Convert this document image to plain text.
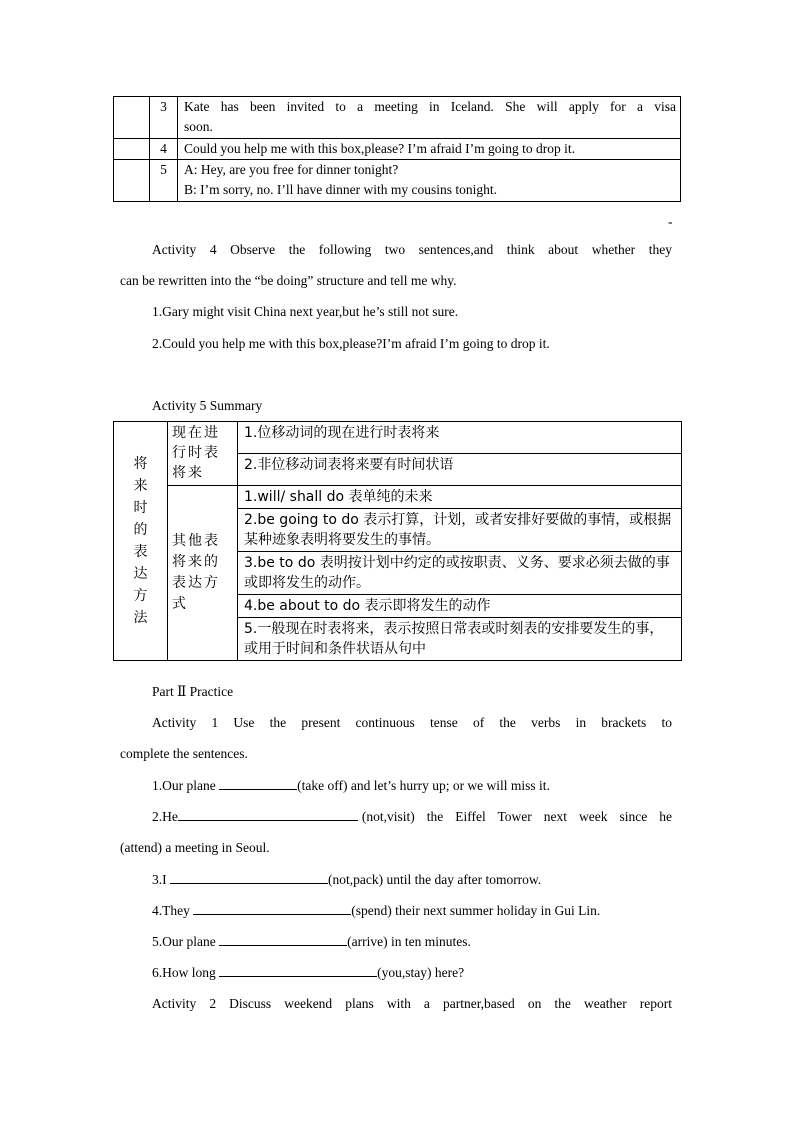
	3	Kate has been invited to a meeting in Iceland. She will apply for a visa
soon.
	4	Could you help me with this box,please? I’m afraid I’m going to drop it.
	5	A: Hey, are you free for dinner tonight?
B: I’m sorry, no. I’ll have dinner with my cousins tonight.
-
Activity 4 Observe the following two sentences,and think about whether they
can be rewritten into the “be doing” structure and tell me why.
1.Gary might visit China next year,but he’s still not sure.
2.Could you help me with this box,please?I’m afraid I’m going to drop it.
Activity 5 Summary
将来时的表达方法	现在进行时表将来	1.位移动词的现在进行时表将来
		2.非位移动词表将来要有时间状语
	其他表将来的表达方式	1.will/ shall do 表单纯的未来
		2.be going to do 表示打算，计划，或者安排好要做的事情，或根据某种迹象表明将要发生的事情。
		3.be to do 表明按计划中约定的或按职责、义务、要求必须去做的事或即将发生的动作。
		4.be about to do 表示即将发生的动作
		5.一般现在时表将来，表示按照日常表或时刻表的安排要发生的事，或用于时间和条件状语从句中
Part Ⅱ Practice
Activity 1 Use the present continuous tense of the verbs in brackets to
complete the sentences.
1.Our plane	(take off) and let’s hurry up; or we will miss it.
2.He	(not,visit) the Eiffel Tower next week since he
(attend) a meeting in Seoul.
3.I	(not,pack) until the day after tomorrow.
4.They	(spend) their next summer holiday in Gui Lin.
5.Our plane	(arrive) in ten minutes.
6.How long	(you,stay) here?
Activity 2 Discuss weekend plans with a partner,based on the weather report
